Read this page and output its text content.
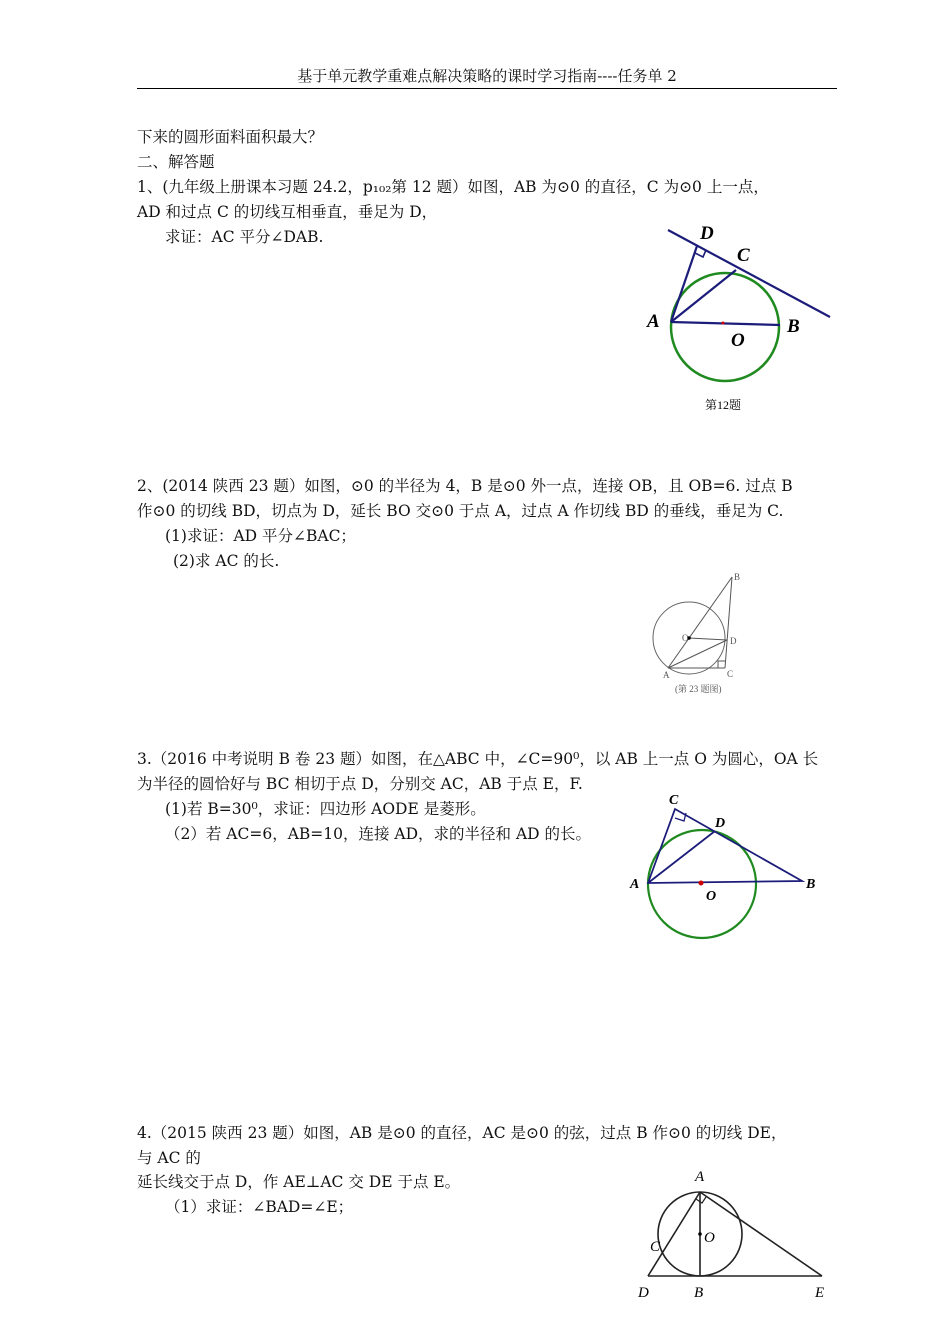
基于单元教学重难点解决策略的课时学习指南----任务单 2
下来的圆形面料面积最大？
二、解答题
1、(九年级上册课本习题 24.2，p₁₀₂第 12 题）如图，AB 为⊙0 的直径，C 为⊙0 上一点，
AD 和过点 C 的切线互相垂直，垂足为 D，
求证：AC 平分∠DAB.	D
C
A	B
O
第12题
2、(2014 陕西 23 题）如图，⊙0 的半径为 4，B 是⊙0 外一点，连接 OB，且 OB=6. 过点 B
作⊙0 的切线 BD，切点为 D，延长 BO 交⊙0 于点 A，过点 A 作切线 BD 的垂线，垂足为 C.
(1)求证：AD 平分∠BAC；
(2)求 AC 的长.
B
O	D
A	C
(第 23 题图)
3.（2016 中考说明 B 卷 23 题）如图，在△ABC 中，∠C=90⁰，以 AB 上一点 O 为圆心，OA 长
为半径的圆恰好与 BC 相切于点 D，分别交 AC，AB 于点 E，F.
(1)若 B=30⁰，求证：四边形 AODE 是菱形。
（2）若 AC=6，AB=10，连接 AD，求的半径和 AD 的长。
C
D
A	B
O
4.（2015 陕西 23 题）如图，AB 是⊙0 的直径，AC 是⊙0 的弦，过点 B 作⊙0 的切线 DE，
与 AC 的
延长线交于点 D，作 AE⊥AC 交 DE 于点 E。
（1）求证：∠BAD=∠E；
A
O
C
D	B	E
